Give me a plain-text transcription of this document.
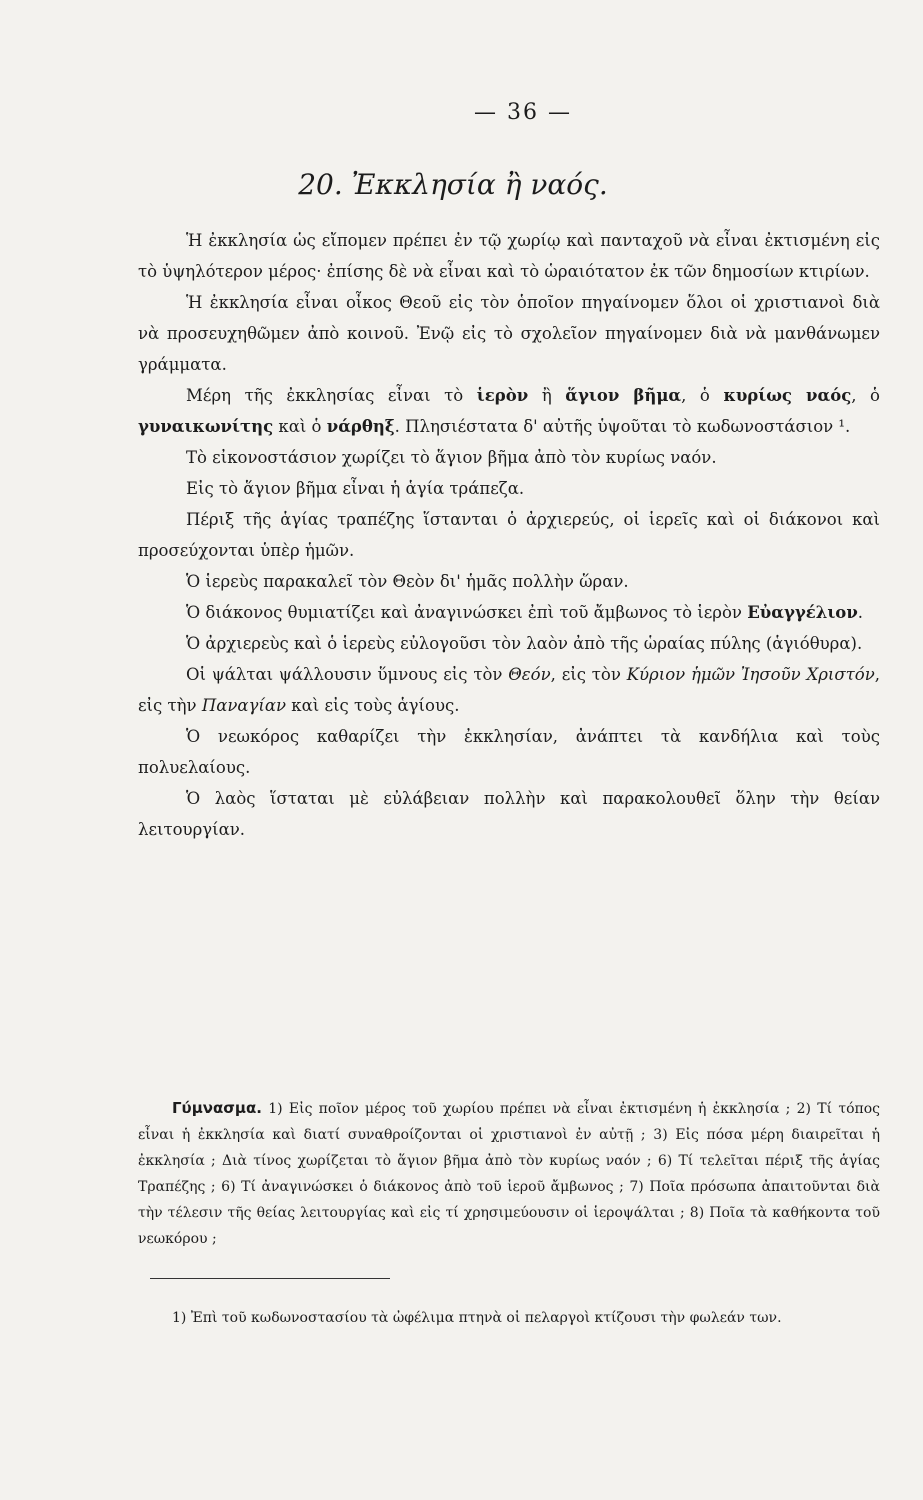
— 36 —
20. Ἐκκλησία ἢ ναός.

Ἡ ἐκκλησία ὡς εἴπομεν πρέπει ἐν τῷ χωρίῳ καὶ πανταχοῦ νὰ εἶναι ἐκτισμένη εἰς τὸ ὑψηλότερον μέρος· ἐπίσης δὲ νὰ εἶναι καὶ τὸ ὡραιότατον ἐκ τῶν δημοσίων κτιρίων.

Ἡ ἐκκλησία εἶναι οἶκος Θεοῦ εἰς τὸν ὁποῖον πηγαίνομεν ὅλοι οἱ χριστιανοὶ διὰ νὰ προσευχηθῶμεν ἀπὸ κοινοῦ. Ἐνῷ εἰς τὸ σχολεῖον πηγαίνομεν διὰ νὰ μανθάνωμεν γράμματα.

Μέρη τῆς ἐκκλησίας εἶναι τὸ ἱερὸν ἢ ἅγιον βῆμα, ὁ κυρίως ναός, ὁ γυναικωνίτης καὶ ὁ νάρθηξ. Πλησιέστατα δ' αὐτῆς ὑψοῦται τὸ κωδωνοστάσιον ¹.

Τὸ εἰκονοστάσιον χωρίζει τὸ ἅγιον βῆμα ἀπὸ τὸν κυρίως ναόν.

Εἰς τὸ ἅγιον βῆμα εἶναι ἡ ἁγία τράπεζα.

Πέριξ τῆς ἁγίας τραπέζης ἵστανται ὁ ἀρχιερεύς, οἱ ἱερεῖς καὶ οἱ διάκονοι καὶ προσεύχονται ὑπὲρ ἡμῶν.

Ὁ ἱερεὺς παρακαλεῖ τὸν Θεὸν δι' ἡμᾶς πολλὴν ὥραν.

Ὁ διάκονος θυμιατίζει καὶ ἀναγινώσκει ἐπὶ τοῦ ἄμβωνος τὸ ἱερὸν Εὐαγγέλιον.

Ὁ ἀρχιερεὺς καὶ ὁ ἱερεὺς εὐλογοῦσι τὸν λαὸν ἀπὸ τῆς ὡραίας πύλης (ἁγιόθυρα).

Οἱ ψάλται ψάλλουσιν ὕμνους εἰς τὸν Θεόν, εἰς τὸν Κύριον ἡμῶν Ἰησοῦν Χριστόν, εἰς τὴν Παναγίαν καὶ εἰς τοὺς ἁγίους.

Ὁ νεωκόρος καθαρίζει τὴν ἐκκλησίαν, ἀνάπτει τὰ κανδήλια καὶ τοὺς πολυελαίους.

Ὁ λαὸς ἵσταται μὲ εὐλάβειαν πολλὴν καὶ παρακολουθεῖ ὅλην τὴν θείαν λειτουργίαν.

Γύμνασμα. 1) Εἰς ποῖον μέρος τοῦ χωρίου πρέπει νὰ εἶναι ἐκτισμένη ἡ ἐκκλησία ; 2) Τί τόπος εἶναι ἡ ἐκκλησία καὶ διατί συναθροίζονται οἱ χριστιανοὶ ἐν αὐτῇ ; 3) Εἰς πόσα μέρη διαιρεῖται ἡ ἐκκλησία ; Διὰ τίνος χωρίζεται τὸ ἅγιον βῆμα ἀπὸ τὸν κυρίως ναόν ; 6) Τί τελεῖται πέριξ τῆς ἁγίας Τραπέζης ; 6) Τί ἀναγινώσκει ὁ διάκονος ἀπὸ τοῦ ἱεροῦ ἄμβωνος ; 7) Ποῖα πρόσωπα ἀπαιτοῦνται διὰ τὴν τέλεσιν τῆς θείας λειτουργίας καὶ εἰς τί χρησιμεύουσιν οἱ ἱεροψάλται ; 8) Ποῖα τὰ καθήκοντα τοῦ νεωκόρου ;
1) Ἐπὶ τοῦ κωδωνοστασίου τὰ ὠφέλιμα πτηνὰ οἱ πελαργοὶ κτίζουσι τὴν φωλεάν των.
